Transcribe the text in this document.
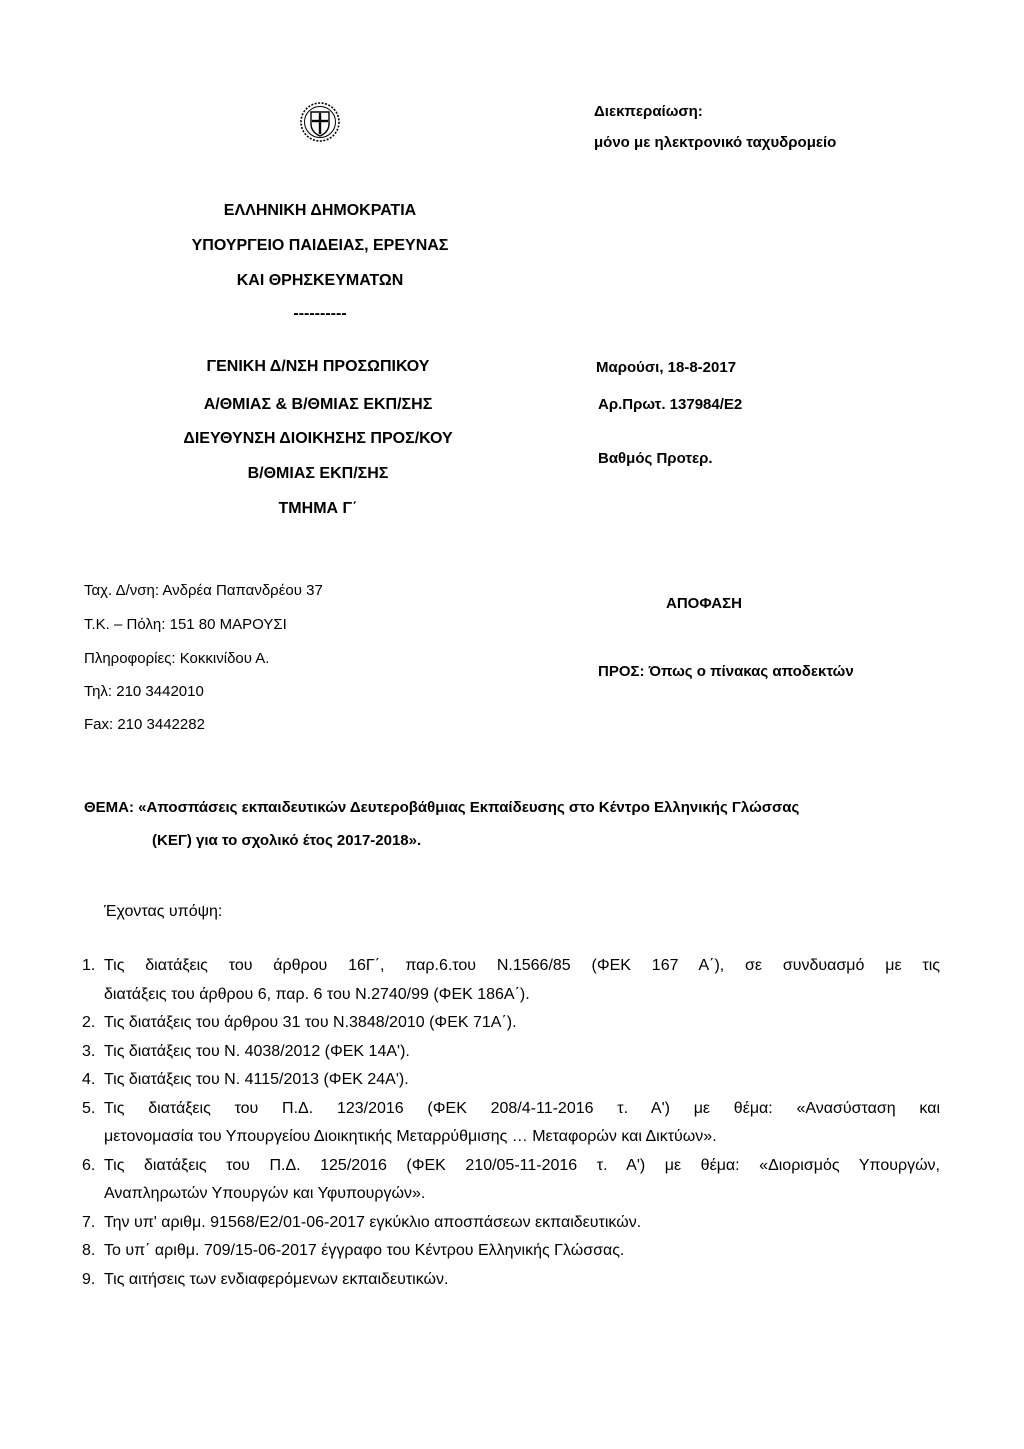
Διεκπεραίωση:
μόνο με ηλεκτρονικό ταχυδρομείο
ΕΛΛΗΝΙΚΗ ΔΗΜΟΚΡΑΤΙΑ
ΥΠΟΥΡΓΕΙΟ ΠΑΙΔΕΙΑΣ, ΕΡΕΥΝΑΣ
ΚΑΙ ΘΡΗΣΚΕΥΜΑΤΩΝ
----------
ΓΕΝΙΚΗ Δ/ΝΣΗ ΠΡΟΣΩΠΙΚΟΥ
Α/ΘΜΙΑΣ & Β/ΘΜΙΑΣ ΕΚΠ/ΣΗΣ
ΔΙΕΥΘΥΝΣΗ ΔΙΟΙΚΗΣΗΣ ΠΡΟΣ/ΚΟΥ
Β/ΘΜΙΑΣ ΕΚΠ/ΣΗΣ
ΤΜΗΜΑ Γ΄
Μαρούσι, 18-8-2017
Αρ.Πρωτ. 137984/Ε2
Βαθμός Προτερ.
Ταχ. Δ/νση: Ανδρέα Παπανδρέου 37
Τ.Κ. – Πόλη: 151 80 ΜΑΡΟΥΣΙ
Πληροφορίες: Κοκκινίδου Α.
Τηλ: 210 3442010
Fax: 210 3442282
ΑΠΟΦΑΣΗ
ΠΡΟΣ: Όπως ο πίνακας αποδεκτών
ΘΕΜΑ: «Αποσπάσεις εκπαιδευτικών Δευτεροβάθμιας Εκπαίδευσης στο Κέντρο Ελληνικής Γλώσσας
(ΚΕΓ) για το σχολικό έτος 2017-2018».
Έχοντας υπόψη:
1. Τις διατάξεις του άρθρου 16Γ΄, παρ.6.του Ν.1566/85 (ΦΕΚ 167 Α΄), σε συνδυασμό με τις
διατάξεις του άρθρου 6, παρ. 6 του Ν.2740/99 (ΦΕΚ 186Α΄).
2. Τις διατάξεις του άρθρου 31 του Ν.3848/2010 (ΦΕΚ 71Α΄).
3. Τις διατάξεις του Ν. 4038/2012 (ΦΕΚ 14Α').
4. Τις διατάξεις του Ν. 4115/2013 (ΦΕΚ 24Α').
5. Τις διατάξεις του Π.Δ. 123/2016 (ΦΕΚ 208/4-11-2016 τ. Α') με θέμα: «Ανασύσταση και
μετονομασία του Υπουργείου Διοικητικής Μεταρρύθμισης … Μεταφορών και Δικτύων».
6. Τις διατάξεις του Π.Δ. 125/2016 (ΦΕΚ 210/05-11-2016 τ. Α') με θέμα: «Διορισμός Υπουργών,
Αναπληρωτών Υπουργών και Υφυπουργών».
7. Την υπ' αριθμ. 91568/Ε2/01-06-2017 εγκύκλιο αποσπάσεων εκπαιδευτικών.
8. Το υπ΄ αριθμ. 709/15-06-2017 έγγραφο του Κέντρου Ελληνικής Γλώσσας.
9. Τις αιτήσεις των ενδιαφερόμενων εκπαιδευτικών.
